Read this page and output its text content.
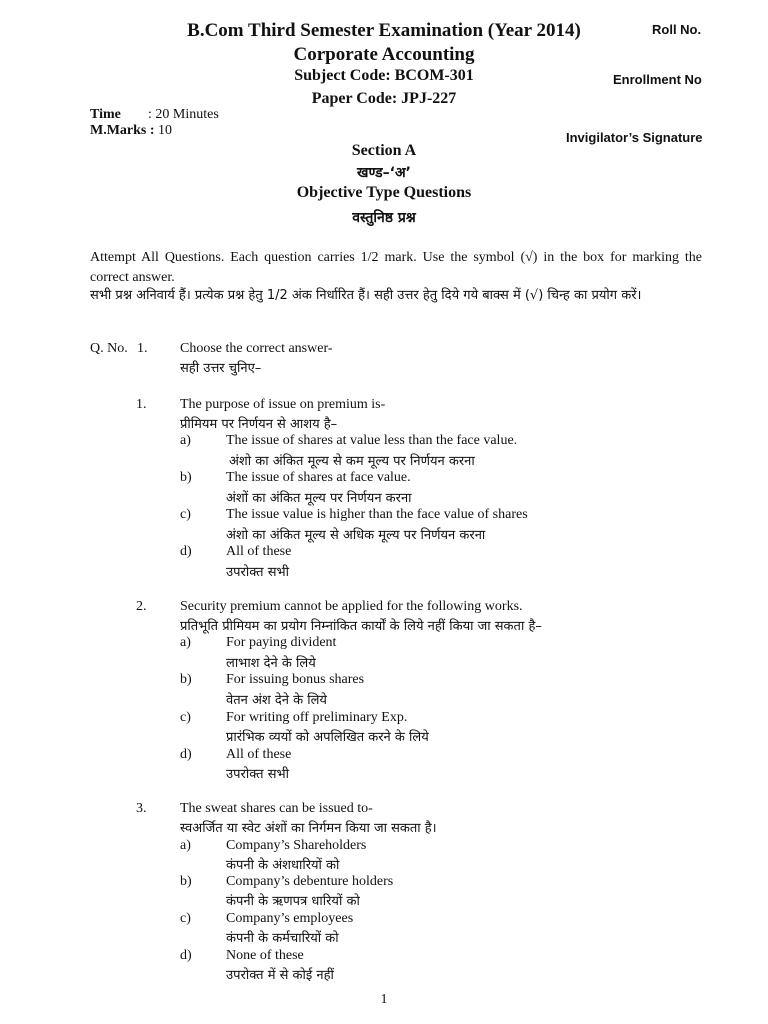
B.Com Third Semester Examination (Year 2014)
Corporate Accounting
Subject Code: BCOM-301
Paper Code: JPJ-227
Roll No.
Enrollment No
Invigilator’s Signature
Time : 20 Minutes
M.Marks : 10
Section A
खण्ड–‘अ’
Objective Type Questions
वस्तुनिष्ठ प्रश्न
Attempt All Questions. Each question carries 1/2 mark. Use the symbol (√) in the box for marking the correct answer.
सभी प्रश्न अनिवार्य हैं। प्रत्येक प्रश्न हेतु 1/2 अंक निर्धारित हैं। सही उत्तर हेतु दिये गये बाक्स में (√) चिन्ह का प्रयोग करें।
Q. No. 1. Choose the correct answer-
सही उत्तर चुनिए–
1. The purpose of issue on premium is-
प्रीमियम पर निर्णयन से आशय है–
a)	The issue of shares at value less than the face value.
अंशो का अंकित मूल्य से कम मूल्य पर निर्णयन करना
b) The issue of shares at face value.
अंशों का अंकित मूल्य पर निर्णयन करना
c)	The issue value is higher than the face value of shares
अंशो का अंकित मूल्य से अधिक मूल्य पर निर्णयन करना
d) All of these
उपरोक्त सभी
2. Security premium cannot be applied for the following works.
प्रतिभूति प्रीमियम का प्रयोग निम्नांकित कार्यों के लिये नहीं किया जा सकता है–
a)	For paying divident
लाभाश देने के लिये
b) For issuing bonus shares
वेतन अंश देने के लिये
c)	For writing off preliminary Exp.
प्रारंभिक व्ययों को अपलिखित करने के लिये
d) All of these
उपरोक्त सभी
3. The sweat shares can be issued to-
स्वअर्जित या स्वेट अंशों का निर्गमन किया जा सकता है।
a)	Company’s Shareholders
कंपनी के अंशधारियों को
b) Company’s debenture holders
कंपनी के ऋणपत्र धारियों को
c)	Company’s employees
कंपनी के कर्मचारियों को
d) None of these
उपरोक्त में से कोई नहीं
1
